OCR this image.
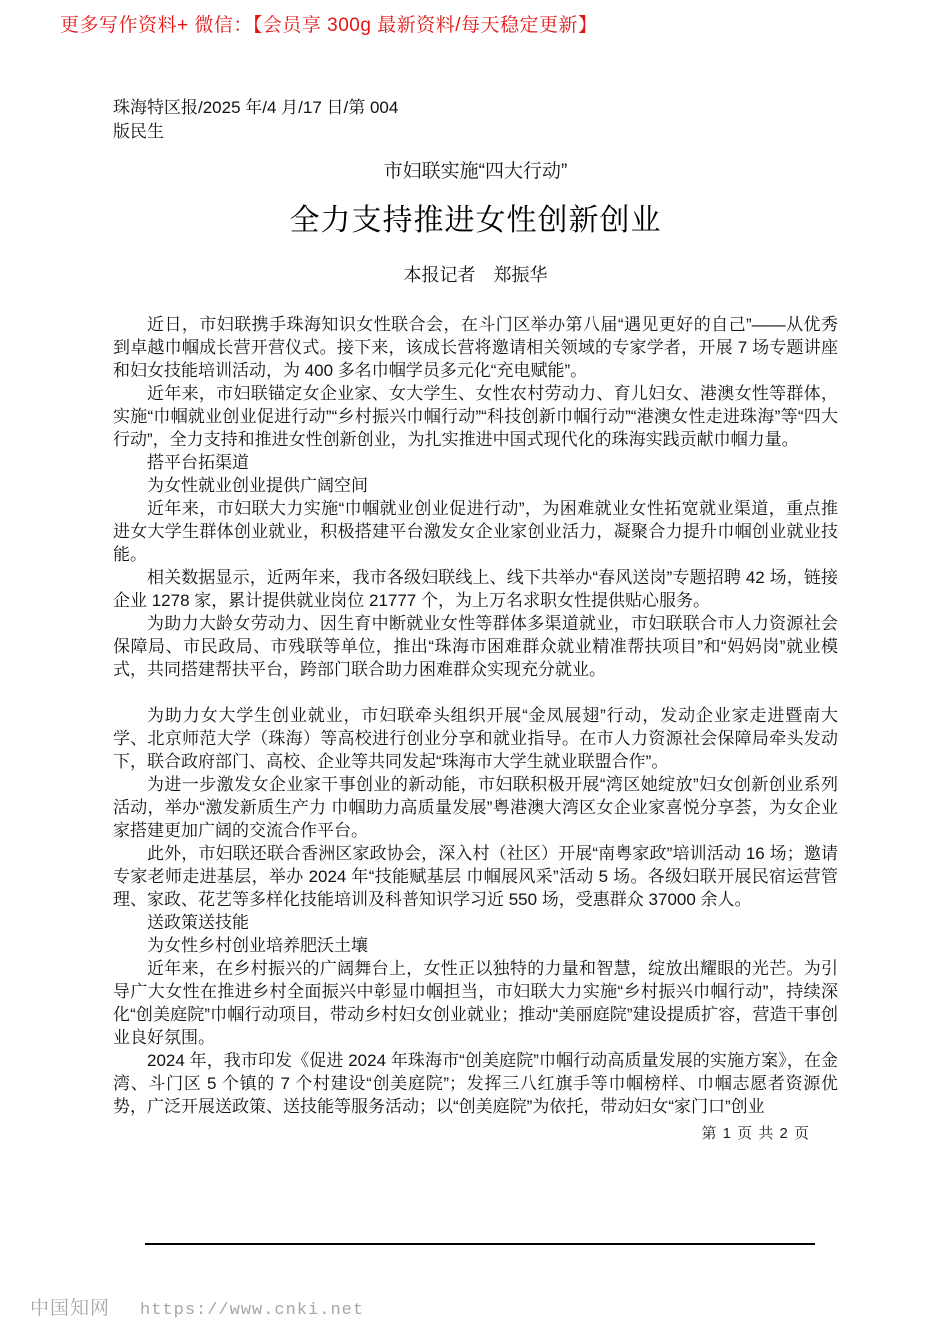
更多写作资料+ 微信：【会员享 300g 最新资料/每天稳定更新】
珠海特区报/2025 年/4 月/17 日/第 004
版民生
市妇联实施“四大行动”
全力支持推进女性创新创业
本报记者　郑振华

近日，市妇联携手珠海知识女性联合会，在斗门区举办第八届“遇见更好的自己”——从优秀到卓越巾帼成长营开营仪式。接下来，该成长营将邀请相关领域的专家学者，开展 7 场专题讲座和妇女技能培训活动，为 400 多名巾帼学员多元化“充电赋能”。

近年来，市妇联锚定女企业家、女大学生、女性农村劳动力、育儿妇女、港澳女性等群体，实施“巾帼就业创业促进行动”“乡村振兴巾帼行动”“科技创新巾帼行动”“港澳女性走进珠海”等“四大行动”，全力支持和推进女性创新创业，为扎实推进中国式现代化的珠海实践贡献巾帼力量。

搭平台拓渠道

为女性就业创业提供广阔空间

近年来，市妇联大力实施“巾帼就业创业促进行动”，为困难就业女性拓宽就业渠道，重点推进女大学生群体创业就业，积极搭建平台激发女企业家创业活力，凝聚合力提升巾帼创业就业技能。

相关数据显示，近两年来，我市各级妇联线上、线下共举办“春风送岗”专题招聘 42 场，链接企业 1278 家，累计提供就业岗位 21777 个，为上万名求职女性提供贴心服务。

为助力大龄女劳动力、因生育中断就业女性等群体多渠道就业，市妇联联合市人力资源社会保障局、市民政局、市残联等单位，推出“珠海市困难群众就业精准帮扶项目”和“妈妈岗”就业模式，共同搭建帮扶平台，跨部门联合助力困难群众实现充分就业。

为助力女大学生创业就业，市妇联牵头组织开展“金凤展翅”行动，发动企业家走进暨南大学、北京师范大学（珠海）等高校进行创业分享和就业指导。在市人力资源社会保障局牵头发动下，联合政府部门、高校、企业等共同发起“珠海市大学生就业联盟合作”。

为进一步激发女企业家干事创业的新动能，市妇联积极开展“湾区她绽放”妇女创新创业系列活动，举办“激发新质生产力 巾帼助力高质量发展”粤港澳大湾区女企业家喜悦分享荟，为女企业家搭建更加广阔的交流合作平台。

此外，市妇联还联合香洲区家政协会，深入村（社区）开展“南粤家政”培训活动 16 场；邀请专家老师走进基层，举办 2024 年“技能赋基层 巾帼展风采”活动 5 场。各级妇联开展民宿运营管理、家政、花艺等多样化技能培训及科普知识学习近 550 场，受惠群众 37000 余人。

送政策送技能

为女性乡村创业培养肥沃土壤

近年来，在乡村振兴的广阔舞台上，女性正以独特的力量和智慧，绽放出耀眼的光芒。为引导广大女性在推进乡村全面振兴中彰显巾帼担当，市妇联大力实施“乡村振兴巾帼行动”，持续深化“创美庭院”巾帼行动项目，带动乡村妇女创业就业；推动“美丽庭院”建设提质扩容，营造干事创业良好氛围。

2024 年，我市印发《促进 2024 年珠海市“创美庭院”巾帼行动高质量发展的实施方案》，在金湾、斗门区 5 个镇的 7 个村建设“创美庭院”；发挥三八红旗手等巾帼榜样、巾帼志愿者资源优势，广泛开展送政策、送技能等服务活动；以“创美庭院”为依托，带动妇女“家门口”创业

第 1 页 共 2 页
中国知网 https://www.cnki.net
